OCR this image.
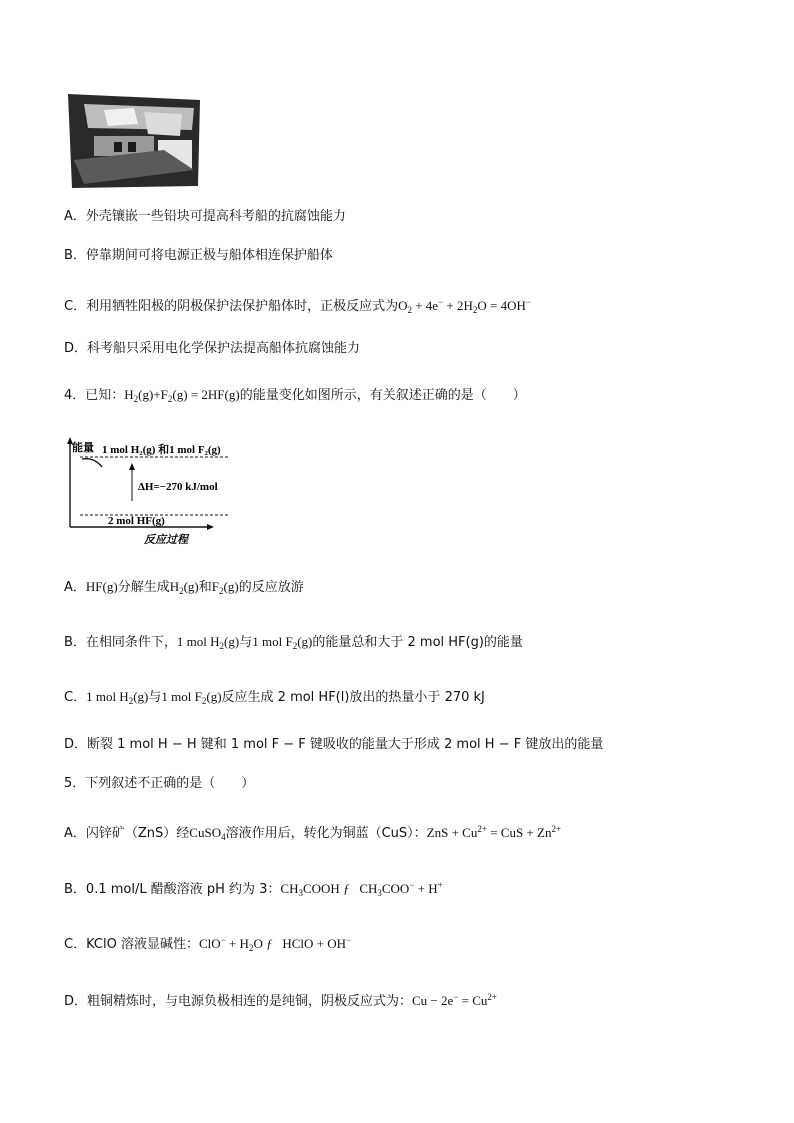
A．外壳镶嵌一些铅块可提高科考船的抗腐蚀能力
B．停靠期间可将电源正极与船体相连保护船体
C．利用牺牲阳极的阴极保护法保护船体时，正极反应式为$O_2 + 4e^- + 2H_2O = 4OH^-$
D．科考船只采用电化学保护法提高船体抗腐蚀能力
4．已知：$H_2(g)+F_2(g) = 2HF(g)$的能量变化如图所示，有关叙述正确的是（　　）
能量 1 mol H₂(g) 和1 mol F₂(g)
ΔH=−270 kJ/mol
2 mol HF(g)
反应过程
A．HF(g)分解生成$H_2(g)$和$F_2(g)$的反应放游
B．在相同条件下，1 mol $H_2(g)$与1 mol $F_2(g)$的能量总和大于 2 mol HF(g)的能量
C．1 mol $H_2(g)$与1 mol $F_2(g)$反应生成 2 mol HF(l)放出的热量小于 270 kJ
D．断裂 1 mol H − H 键和 1 mol F − F 键吸收的能量大于形成 2 mol H − F 键放出的能量
5．下列叙述不正确的是（　　）
A．闪锌矿（ZnS）经CuSO$_4$溶液作用后，转化为铜蓝（CuS）：ZnS + $Cu^{2+}$ = CuS + $Zn^{2+}$
B．0.1 mol/L 醋酸溶液 pH 约为 3：$CH_3COOH$ ƒ   $CH_3COO^- + H^+$
C．KClO 溶液显碱性：$ClO^- + H_2O$ ƒ   HClO + OH−
D．粗铜精炼时，与电源负极相连的是纯铜，阴极反应式为：$Cu - 2e^- = Cu^{2+}$
